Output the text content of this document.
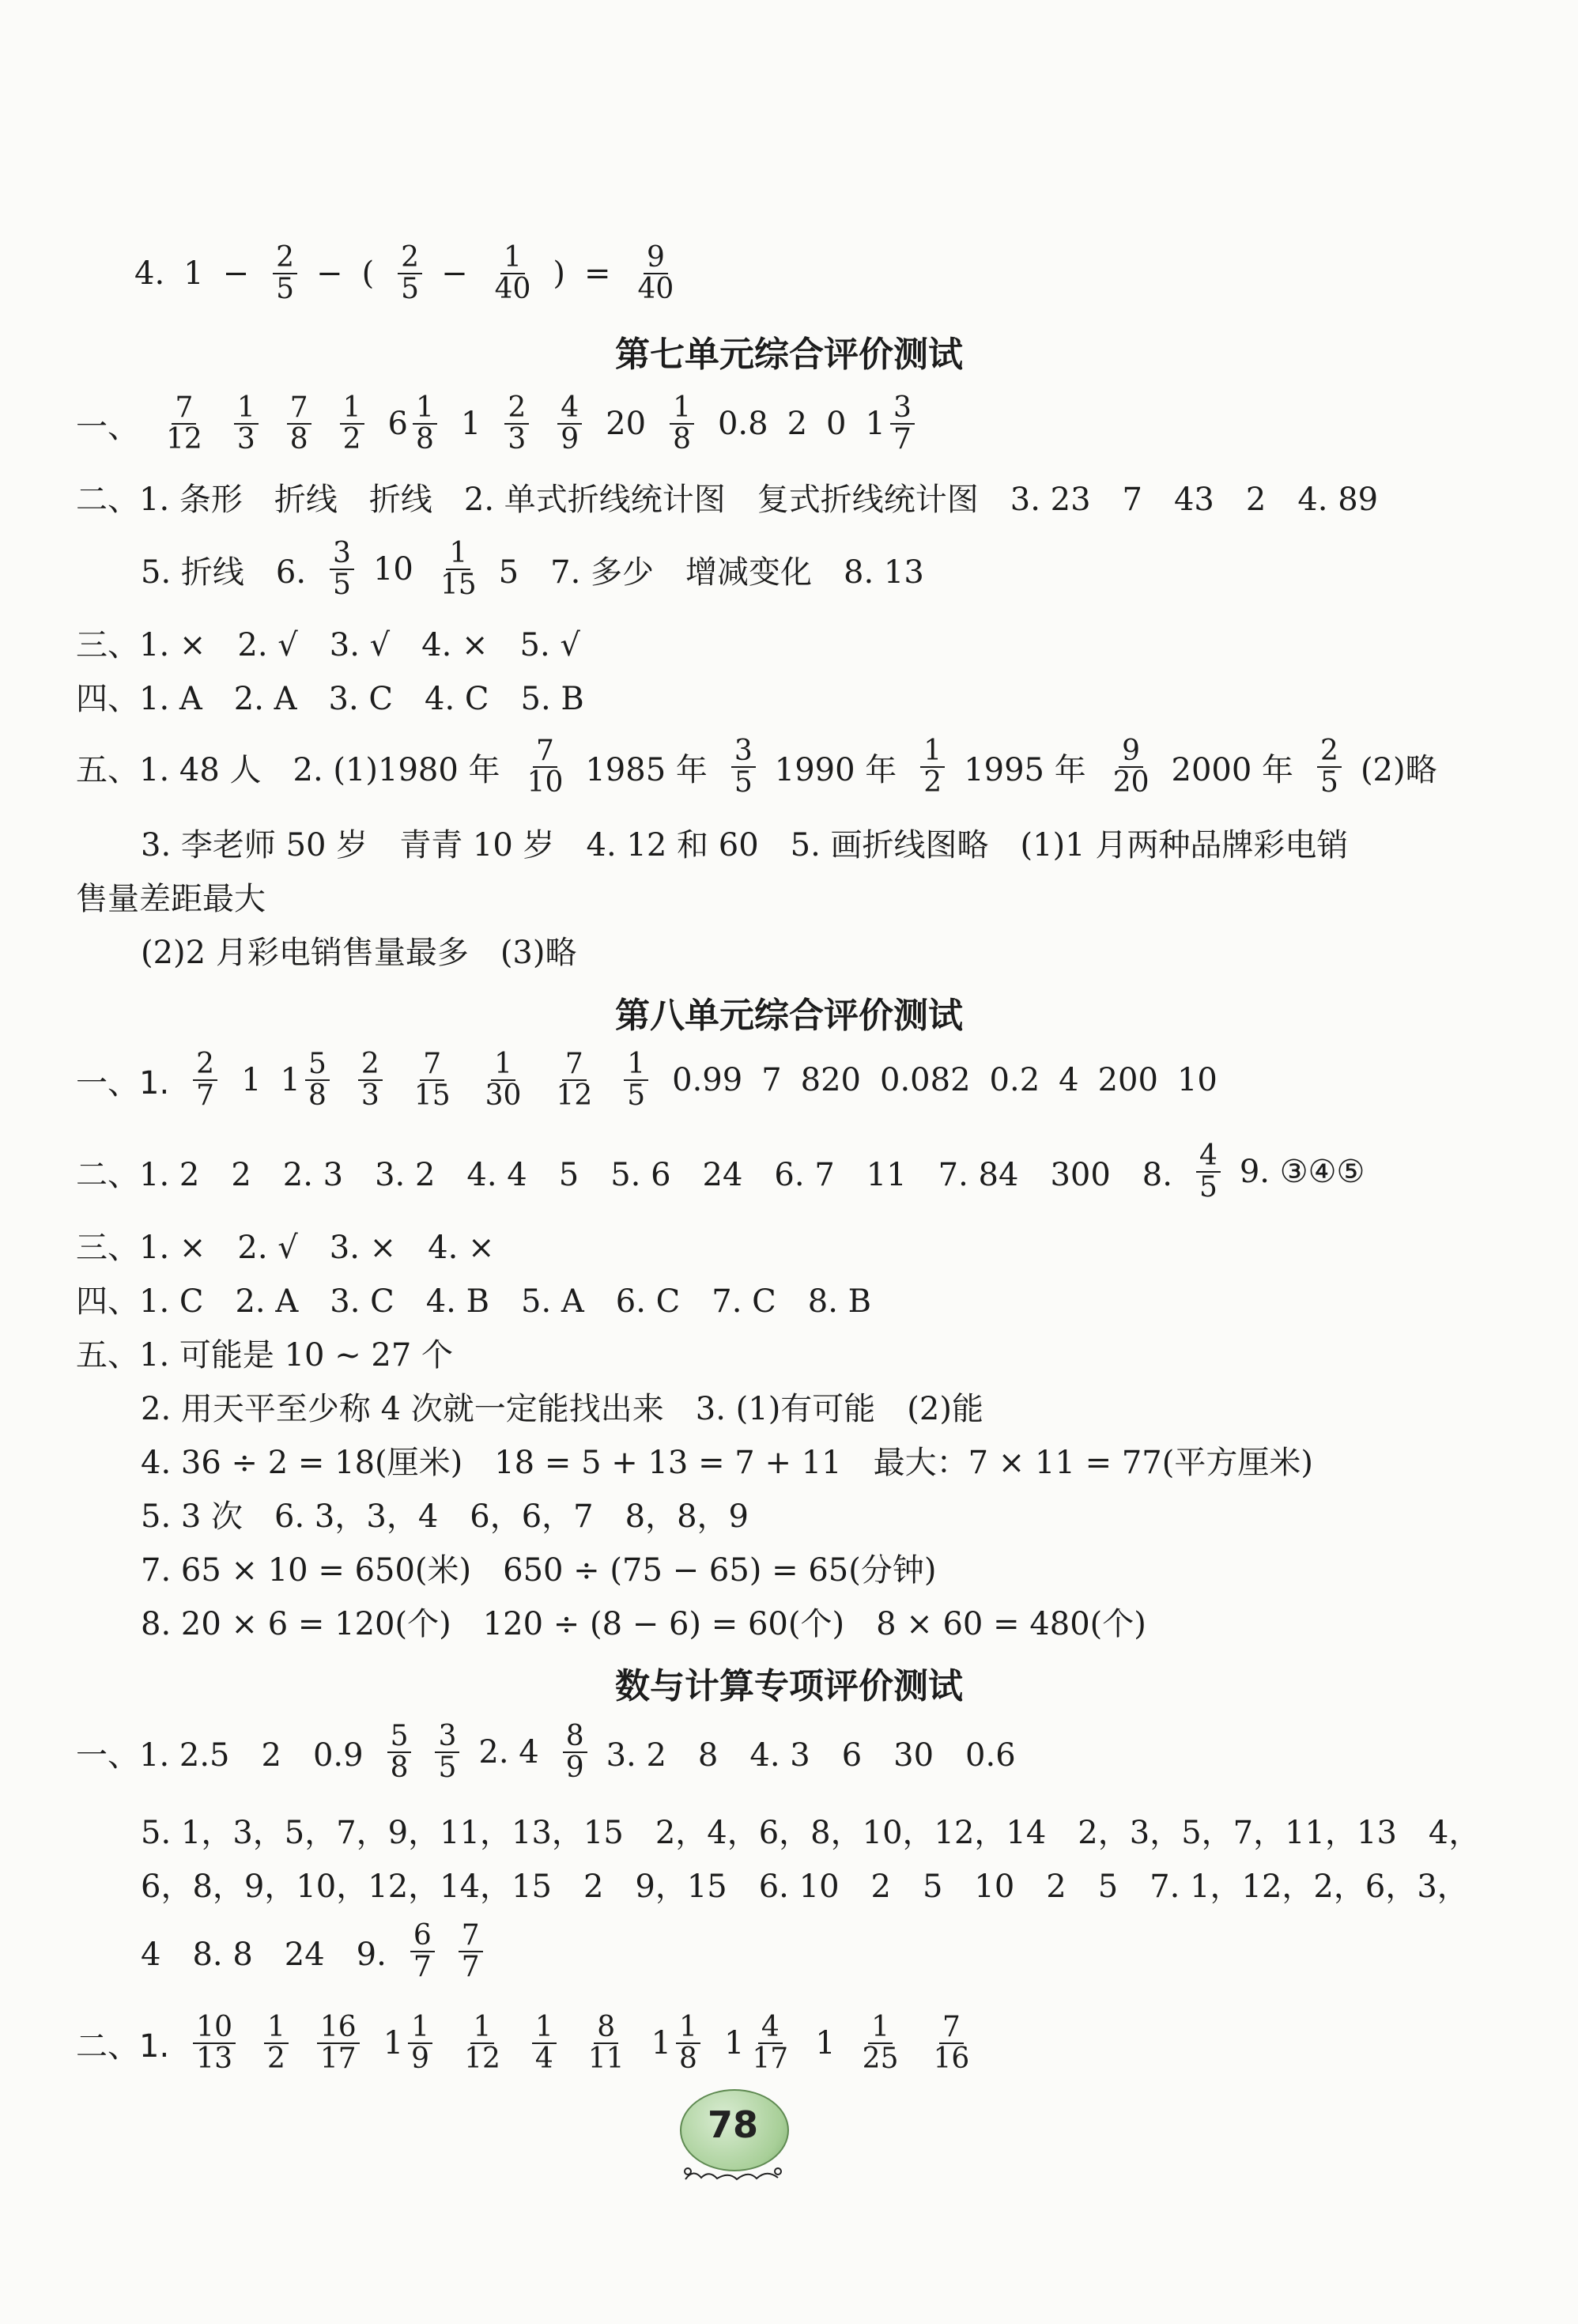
4. $1 - \frac{2}{5}$ − ( $\frac{2}{5} - \frac{1}{40}$ ) = $\frac{9}{40}$
第七单元综合评价测试
一、 $\frac{7}{12} \frac{1}{3} \frac{7}{8} \frac{1}{2} 6 \frac{1}{8} 1 \frac{2}{3} \frac{4}{9} 20 \frac{1}{8} 0.8$ 2 0 $1 \frac{3}{7}$
二、1. 条形　折线　折线　2. 单式折线统计图　复式折线统计图　3. 23　7　43　2　4. 89
5. 折线　6. $\frac{3}{5} 10 \frac{1}{15} 5$　7. 多少　增减变化　8. 13
三、1. ×　2. √　3. √　4. ×　5. √
四、1. A　2. A　3. C　4. C　5. B
五、1. 48 人　2. (1)1980 年 $\frac{7}{10} 1985$ 年 $\frac{3}{5} 1990$ 年 $\frac{1}{2} 1995$ 年 $\frac{9}{20} 2000$ 年 $\frac{2}{5} (2)$略
3. 李老师 50 岁　青青 10 岁　4. 12 和 60　5. 画折线图略　(1)1 月两种品牌彩电销
售量差距最大
(2)2 月彩电销售量最多　(3)略
第八单元综合评价测试
一、1. $\frac{2}{7} 1$ $1 \frac{5}{8} \frac{2}{3} \frac{7}{15} \frac{1}{30} \frac{7}{12} \frac{1}{5} 0.99$ 7 820 0.082 0.2 4 200 10
二、1. 2　2　2. 3　3. 2　4. 4　5　5. 6　24　6. 7　11　7. 84　300　8. $\frac{4}{5} 9$. ③④⑤
三、1. ×　2. √　3. ×　4. ×
四、1. C　2. A　3. C　4. B　5. A　6. C　7. C　8. B
五、1. 可能是 10 ~ 27 个
2. 用天平至少称 4 次就一定能找出来　3. (1)有可能　(2)能
4. 36 ÷ 2 = 18(厘米)　18 = 5 + 13 = 7 + 11　最大：7 × 11 = 77(平方厘米)
5. 3 次　6. 3，3，4　6，6，7　8，8，9
7. 65 × 10 = 650(米)　650 ÷ (75 − 65) = 65(分钟)
8. 20 × 6 = 120(个)　120 ÷ (8 − 6) = 60(个)　8 × 60 = 480(个)
数与计算专项评价测试
一、1. 2.5　2　$0.9 \frac{5}{8} \frac{3}{5} 2$. $4 \frac{8}{9} 3$. 2　8　4. 3　6　30　0.6
5. 1，3，5，7，9，11，13，15　2，4，6，8，10，12，14　2，3，5，7，11，13　4，
6，8，9，10，12，14，15　2　9，15　6. 10　2　5　10　2　5　7. 1，12，2，6，3，
4　8. 8　24　9. $\frac{6}{7} \frac{7}{7}$
二、1. $\frac{10}{13} \frac{1}{2} \frac{16}{17} 1 \frac{1}{9} \frac{1}{12} \frac{1}{4} \frac{8}{11} 1 \frac{1}{8} 1 \frac{4}{17} 1 \frac{1}{25} \frac{7}{16}$
78
